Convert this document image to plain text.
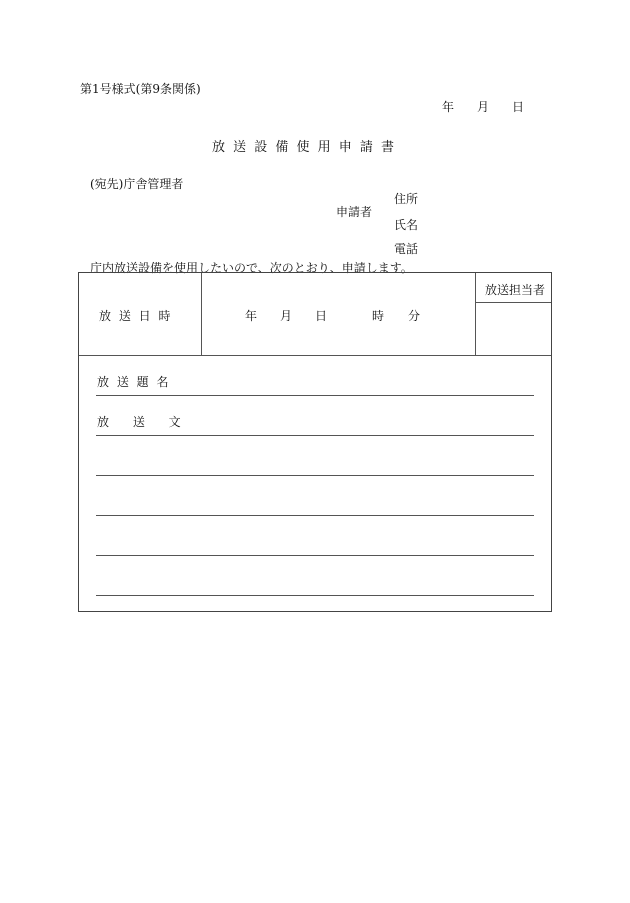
第1号様式(第9条関係)
年 月 日
放 送 設 備 使 用 申 請 書
(宛先)庁舎管理者
申請者
住所
氏名
電話
庁内放送設備を使用したいので、次のとおり、申請します。
放 送 日 時	年 月 日	時 分
放送担当者
放 送 題 名
放 送 文
